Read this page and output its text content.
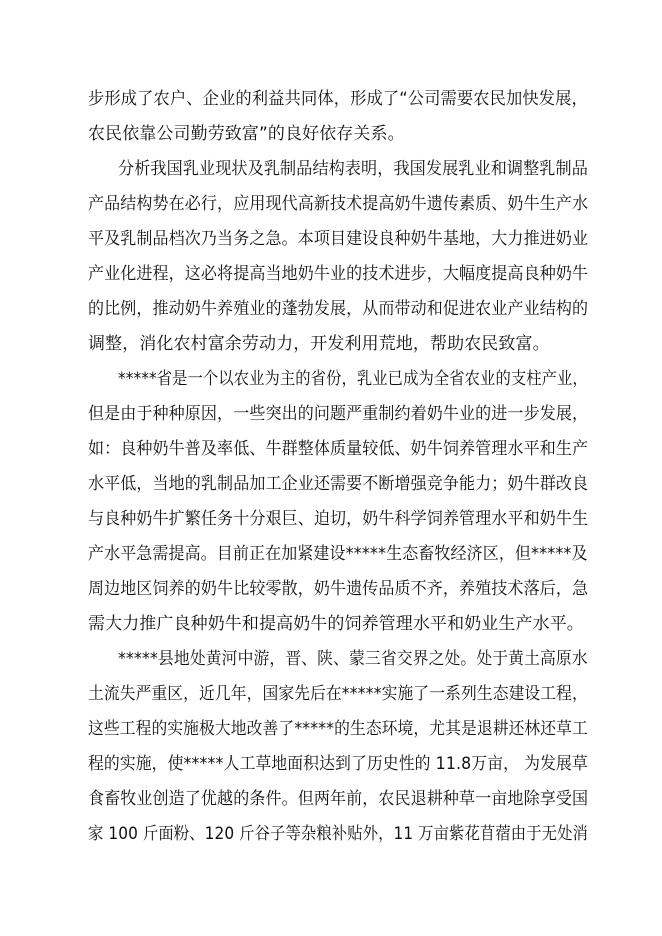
步形成了农户、企业的利益共同体，形成了“公司需要农民加快发展，
农民依靠公司勤劳致富”的良好依存关系。
分析我国乳业现状及乳制品结构表明，我国发展乳业和调整乳制品
产品结构势在必行，应用现代高新技术提高奶牛遗传素质、奶牛生产水
平及乳制品档次乃当务之急。本项目建设良种奶牛基地，大力推进奶业
产业化进程，这必将提高当地奶牛业的技术进步，大幅度提高良种奶牛
的比例，推动奶牛养殖业的蓬勃发展，从而带动和促进农业产业结构的
调整，消化农村富余劳动力，开发利用荒地，帮助农民致富。
*****省是一个以农业为主的省份，乳业已成为全省农业的支柱产业，
但是由于种种原因，一些突出的问题严重制约着奶牛业的进一步发展，
如：良种奶牛普及率低、牛群整体质量较低、奶牛饲养管理水平和生产
水平低，当地的乳制品加工企业还需要不断增强竞争能力；奶牛群改良
与良种奶牛扩繁任务十分艰巨、迫切，奶牛科学饲养管理水平和奶牛生
产水平急需提高。目前正在加紧建设*****生态畜牧经济区，但*****及
周边地区饲养的奶牛比较零散，奶牛遗传品质不齐，养殖技术落后，急
需大力推广良种奶牛和提高奶牛的饲养管理水平和奶业生产水平。
*****县地处黄河中游，晋、陕、蒙三省交界之处。处于黄土高原水
土流失严重区，近几年，国家先后在*****实施了一系列生态建设工程，
这些工程的实施极大地改善了*****的生态环境，尤其是退耕还林还草工
程的实施，使*****人工草地面积达到了历史性的 11.8万亩， 为发展草
食畜牧业创造了优越的条件。但两年前，农民退耕种草一亩地除享受国
家 100 斤面粉、120 斤谷子等杂粮补贴外，11 万亩紫花苜蓿由于无处消
